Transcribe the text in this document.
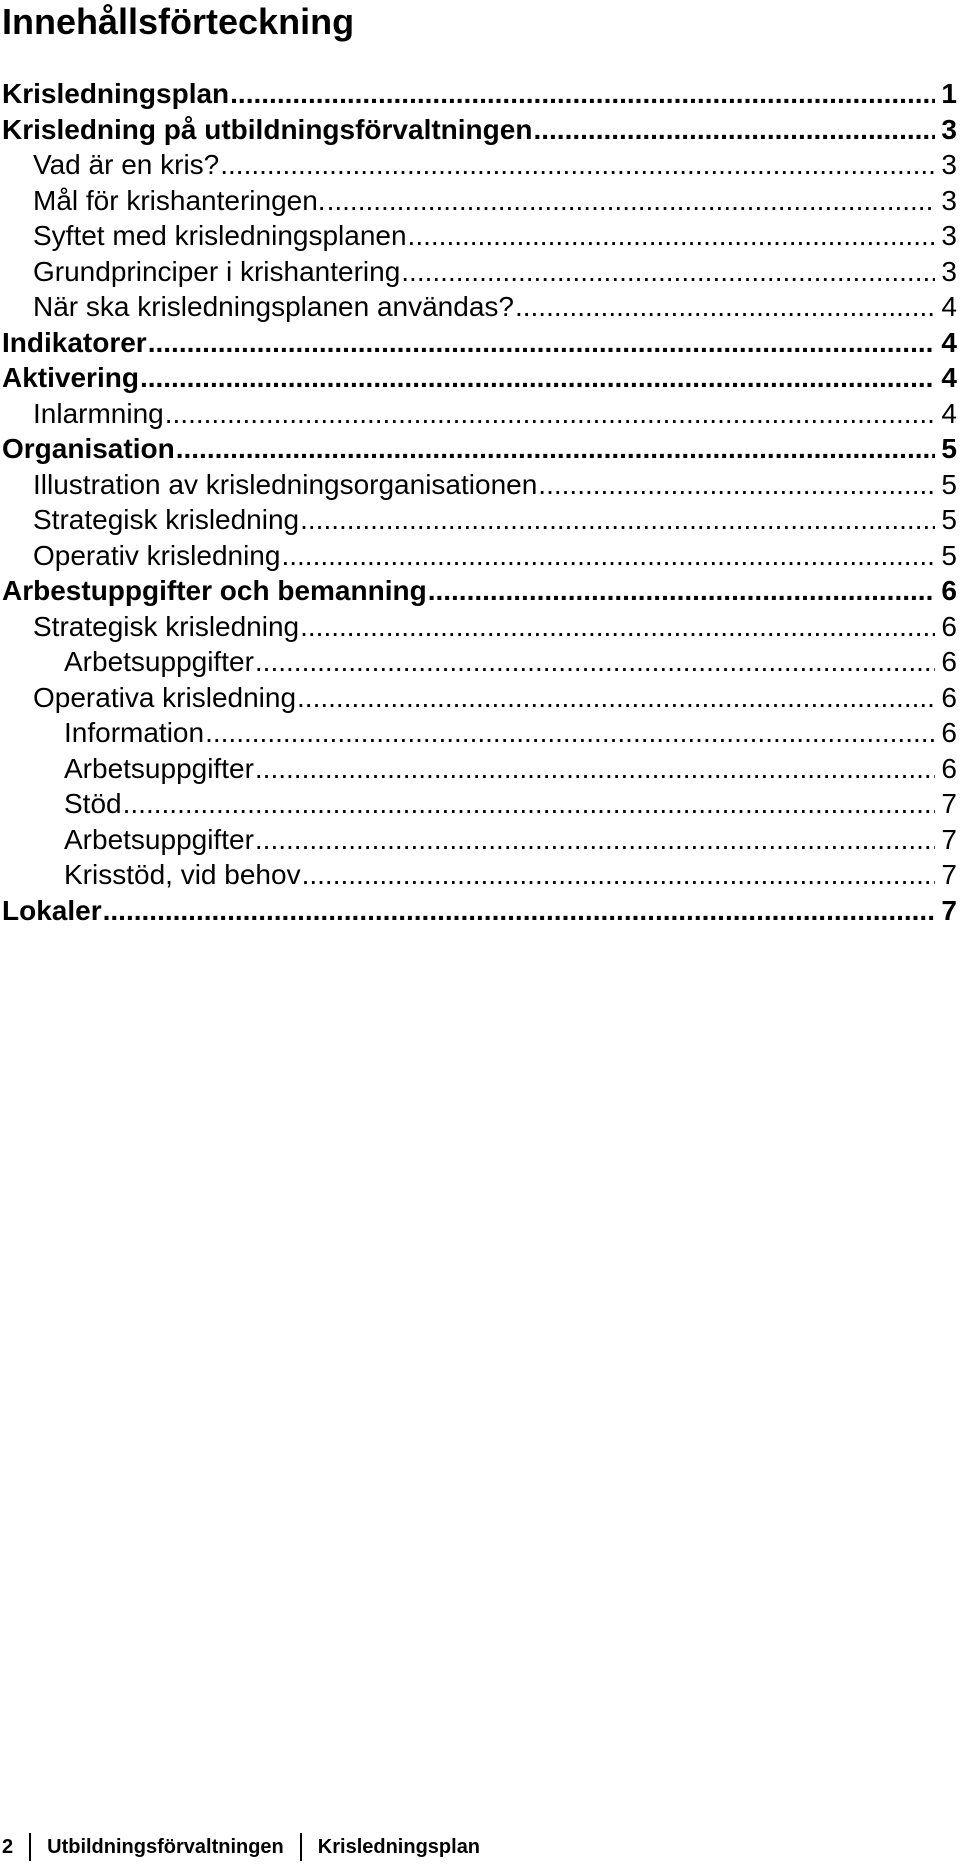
Innehållsförteckning
Krisledningsplan .....	1
Krisledning på utbildningsförvaltningen .....	3
Vad är en kris? .....	3
Mål för krishanteringen. .....	3
Syftet med krisledningsplanen .....	3
Grundprinciper i krishantering .....	3
När ska krisledningsplanen användas? .....	4
Indikatorer .....	4
Aktivering .....	4
Inlarmning .....	4
Organisation .....	5
Illustration av krisledningsorganisationen .....	5
Strategisk krisledning .....	5
Operativ krisledning .....	5
Arbestuppgifter och bemanning .....	6
Strategisk krisledning .....	6
Arbetsuppgifter .....	6
Operativa krisledning .....	6
Information .....	6
Arbetsuppgifter .....	6
Stöd .....	7
Arbetsuppgifter .....	7
Krisstöd, vid behov .....	7
Lokaler .....	7
2	Utbildningsförvaltningen	Krisledningsplan
